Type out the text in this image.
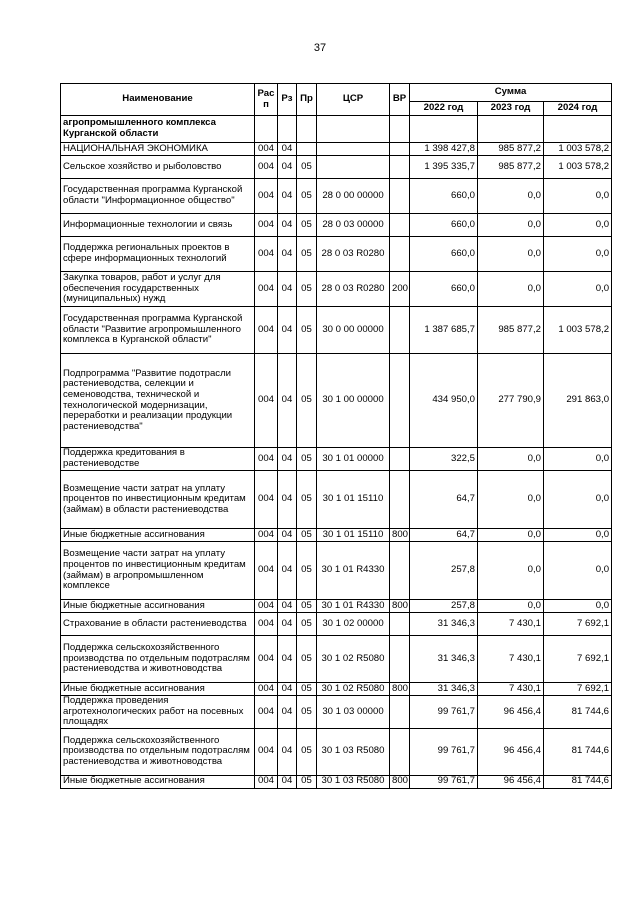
37
Наименование	Рас п	Рз	Пр	ЦСР	ВР	Сумма		
						2022 год	2023 год	2024 год
агропромышленного комплекса Курганской области								
НАЦИОНАЛЬНАЯ ЭКОНОМИКА	004	04				1 398 427,8	985 877,2	1 003 578,2
Сельское хозяйство и рыболовство	004	04	05			1 395 335,7	985 877,2	1 003 578,2
Государственная программа Курганской области "Информационное общество"	004	04	05	28 0 00 00000		660,0	0,0	0,0
Информационные технологии и связь	004	04	05	28 0 03 00000		660,0	0,0	0,0
Поддержка региональных проектов в сфере информационных технологий	004	04	05	28 0 03 R0280		660,0	0,0	0,0
Закупка товаров, работ и услуг для обеспечения государственных (муниципальных) нужд	004	04	05	28 0 03 R0280	200	660,0	0,0	0,0
Государственная программа Курганской области "Развитие агропромышленного комплекса в Курганской области"	004	04	05	30 0 00 00000		1 387 685,7	985 877,2	1 003 578,2
Подпрограмма "Развитие подотрасли растениеводства, селекции и семеноводства, технической и технологической модернизации, переработки и реализации продукции растениеводства"	004	04	05	30 1 00 00000		434 950,0	277 790,9	291 863,0
Поддержка кредитования в растениеводстве	004	04	05	30 1 01 00000		322,5	0,0	0,0
Возмещение части затрат на уплату процентов по инвестиционным кредитам (займам) в области растениеводства	004	04	05	30 1 01 15110		64,7	0,0	0,0
Иные бюджетные ассигнования	004	04	05	30 1 01 15110	800	64,7	0,0	0,0
Возмещение части затрат на уплату процентов по инвестиционным кредитам (займам) в агропромышленном комплексе	004	04	05	30 1 01 R4330		257,8	0,0	0,0
Иные бюджетные ассигнования	004	04	05	30 1 01 R4330	800	257,8	0,0	0,0
Страхование в области растениеводства	004	04	05	30 1 02 00000		31 346,3	7 430,1	7 692,1
Поддержка сельскохозяйственного производства по отдельным подотраслям растениеводства и животноводства	004	04	05	30 1 02 R5080		31 346,3	7 430,1	7 692,1
Иные бюджетные ассигнования	004	04	05	30 1 02 R5080	800	31 346,3	7 430,1	7 692,1
Поддержка проведения агротехнологических работ на посевных площадях	004	04	05	30 1 03 00000		99 761,7	96 456,4	81 744,6
Поддержка сельскохозяйственного производства по отдельным подотраслям растениеводства и животноводства	004	04	05	30 1 03 R5080		99 761,7	96 456,4	81 744,6
Иные бюджетные ассигнования	004	04	05	30 1 03 R5080	800	99 761,7	96 456,4	81 744,6
